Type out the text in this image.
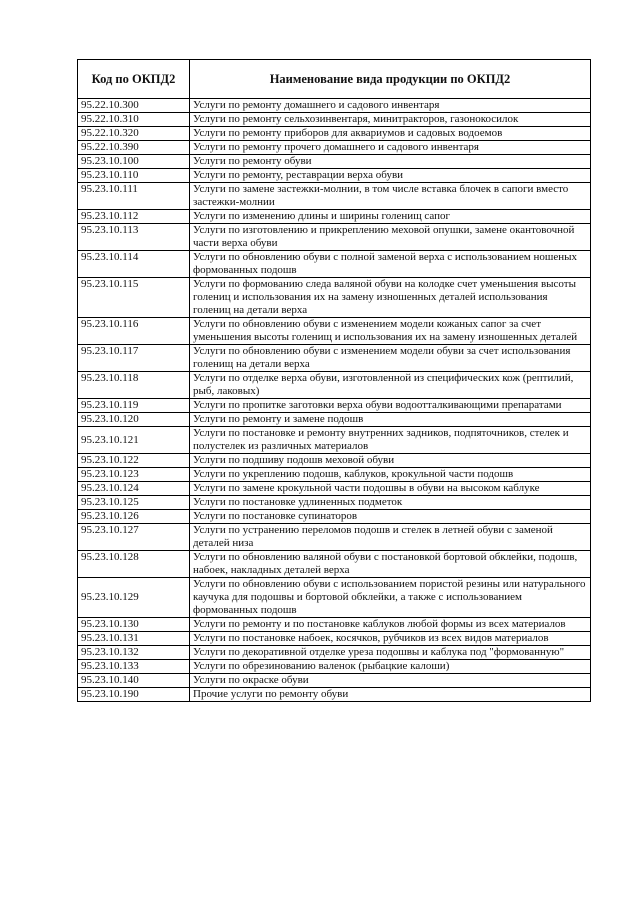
Код по ОКПД2	Наименование вида продукции по ОКПД2
95.22.10.300	Услуги по ремонту домашнего и садового инвентаря
95.22.10.310	Услуги по ремонту сельхозинвентаря, минитракторов, газонокосилок
95.22.10.320	Услуги по ремонту приборов для аквариумов и садовых водоемов
95.22.10.390	Услуги по ремонту прочего домашнего и садового инвентаря
95.23.10.100	Услуги по ремонту обуви
95.23.10.110	Услуги по ремонту, реставрации верха обуви
95.23.10.111	Услуги по замене застежки-молнии, в том числе вставка блочек в сапоги вместо застежки-молнии
95.23.10.112	Услуги по изменению длины и ширины голенищ сапог
95.23.10.113	Услуги по изготовлению и прикреплению меховой опушки, замене окантовочной части верха обуви
95.23.10.114	Услуги по обновлению обуви с полной заменой верха с использованием ношеных формованных подошв
95.23.10.115	Услуги по формованию следа валяной обуви на колодке счет уменьшения высоты голениц и использования их на замену изношенных деталей использования голениц на детали верха
95.23.10.116	Услуги по обновлению обуви с изменением модели кожаных сапог за счет уменьшения высоты голенищ и использования их на замену изношенных деталей
95.23.10.117	Услуги по обновлению обуви с изменением модели обуви за счет использования голенищ на детали верха
95.23.10.118	Услуги по отделке верха обуви, изготовленной из специфических кож (рептилий, рыб, лаковых)
95.23.10.119	Услуги по пропитке заготовки верха обуви водоотталкивающими препаратами
95.23.10.120	Услуги по ремонту и замене подошв
95.23.10.121	Услуги по постановке и ремонту внутренних задников, подпяточников, стелек и полустелек из различных материалов
95.23.10.122	Услуги по подшиву подошв меховой обуви
95.23.10.123	Услуги по укреплению подошв, каблуков, крокульной части подошв
95.23.10.124	Услуги по замене крокульной части подошвы в обуви на высоком каблуке
95.23.10.125	Услуги по постановке удлиненных подметок
95.23.10.126	Услуги по постановке супинаторов
95.23.10.127	Услуги по устранению переломов подошв и стелек в летней обуви с заменой деталей низа
95.23.10.128	Услуги по обновлению валяной обуви с постановкой бортовой обклейки, подошв, набоек, накладных деталей верха
95.23.10.129	Услуги по обновлению обуви с использованием пористой резины или натурального каучука для подошвы и бортовой обклейки, а также с использованием формованных подошв
95.23.10.130	Услуги по ремонту и по постановке каблуков любой формы из всех материалов
95.23.10.131	Услуги по постановке набоек, косячков, рубчиков из всех видов материалов
95.23.10.132	Услуги по декоративной отделке уреза подошвы и каблука под "формованную"
95.23.10.133	Услуги по обрезинованию валенок (рыбацкие калоши)
95.23.10.140	Услуги по окраске обуви
95.23.10.190	Прочие услуги по ремонту обуви
